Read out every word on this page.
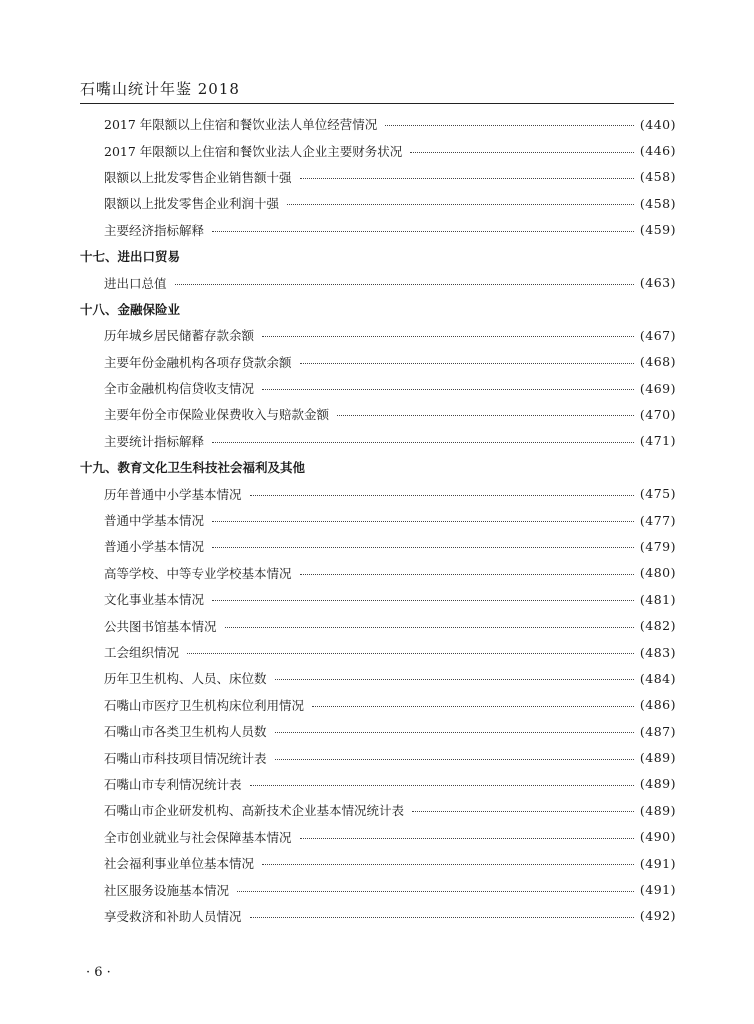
石嘴山统计年鉴 2018
2017 年限额以上住宿和餐饮业法人单位经营情况	(440)
2017 年限额以上住宿和餐饮业法人企业主要财务状况	(446)
限额以上批发零售企业销售额十强	(458)
限额以上批发零售企业利润十强	(458)
主要经济指标解释	(459)
十七、进出口贸易
进出口总值	(463)
十八、金融保险业
历年城乡居民储蓄存款余额	(467)
主要年份金融机构各项存贷款余额	(468)
全市金融机构信贷收支情况	(469)
主要年份全市保险业保费收入与赔款金额	(470)
主要统计指标解释	(471)
十九、教育文化卫生科技社会福利及其他
历年普通中小学基本情况	(475)
普通中学基本情况	(477)
普通小学基本情况	(479)
高等学校、中等专业学校基本情况	(480)
文化事业基本情况	(481)
公共图书馆基本情况	(482)
工会组织情况	(483)
历年卫生机构、人员、床位数	(484)
石嘴山市医疗卫生机构床位利用情况	(486)
石嘴山市各类卫生机构人员数	(487)
石嘴山市科技项目情况统计表	(489)
石嘴山市专利情况统计表	(489)
石嘴山市企业研发机构、高新技术企业基本情况统计表	(489)
全市创业就业与社会保障基本情况	(490)
社会福利事业单位基本情况	(491)
社区服务设施基本情况	(491)
享受救济和补助人员情况	(492)
· 6 ·
